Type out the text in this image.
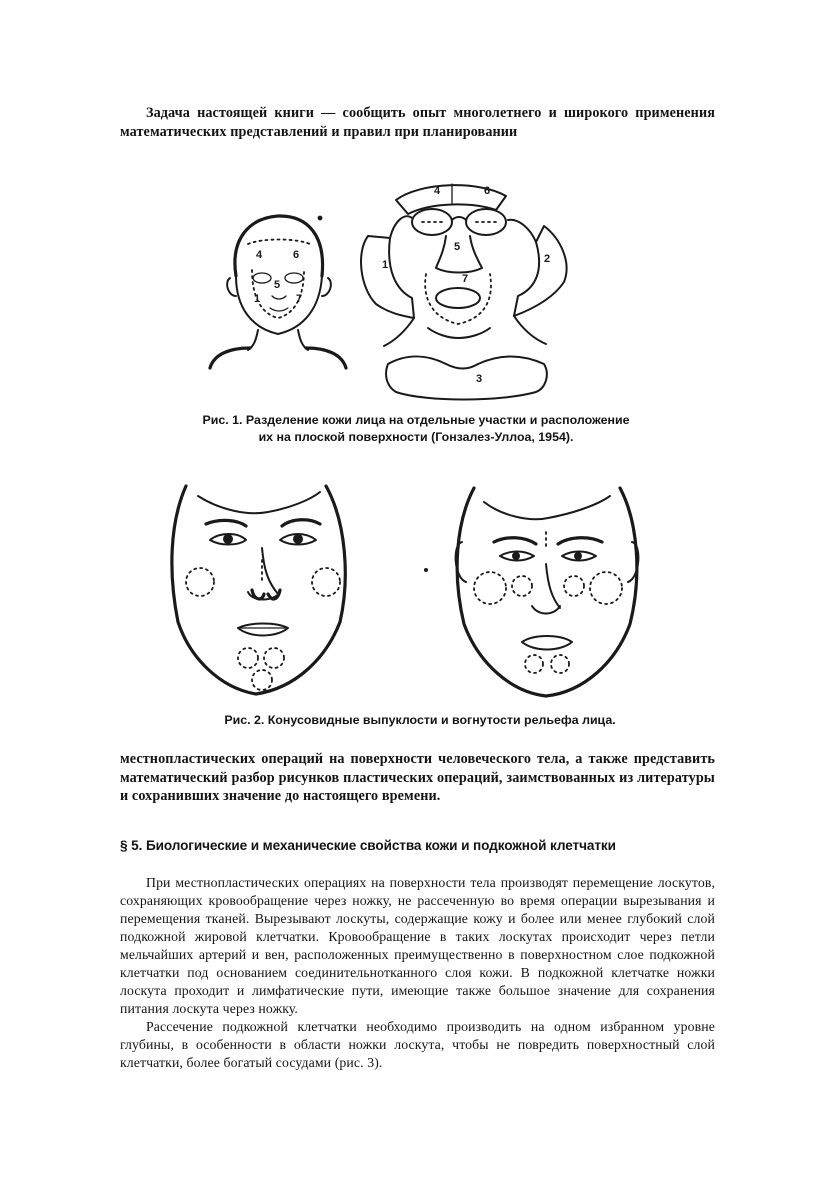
Задача настоящей книги — сообщить опыт многолетнего и широкого применения математических представлений и правил при планировании

4	6
5
1	7
4	6
5
1	2
3
7
Рис. 1. Разделение кожи лица на отдельные участки и расположение их на плоской поверхности (Гонзалез-Уллоа, 1954).
Рис. 2. Конусовидные выпуклости и вогнутости рельефа лица.

местнопластических операций на поверхности человеческого тела, а также представить математический разбор рисунков пластических операций, заимствованных из литературы и сохранивших значение до настоящего времени.

§ 5. Биологические и механические свойства кожи и подкожной клетчатки

При местнопластических операциях на поверхности тела производят перемещение лоскутов, сохраняющих кровообращение через ножку, не рассеченную во время операции вырезывания и перемещения тканей. Вырезывают лоскуты, содержащие кожу и более или менее глубокий слой подкожной жировой клетчатки. Кровообращение в таких лоскутах происходит через петли мельчайших артерий и вен, расположенных преимущественно в поверхностном слое подкожной клетчатки под основанием соединительнотканного слоя кожи. В подкожной клетчатке ножки лоскута проходит и лимфатические пути, имеющие также большое значение для сохранения питания лоскута через ножку.

Рассечение подкожной клетчатки необходимо производить на одном избранном уровне глубины, в особенности в области ножки лоскута, чтобы не повредить поверхностный слой клетчатки, более богатый сосудами (рис. 3).
